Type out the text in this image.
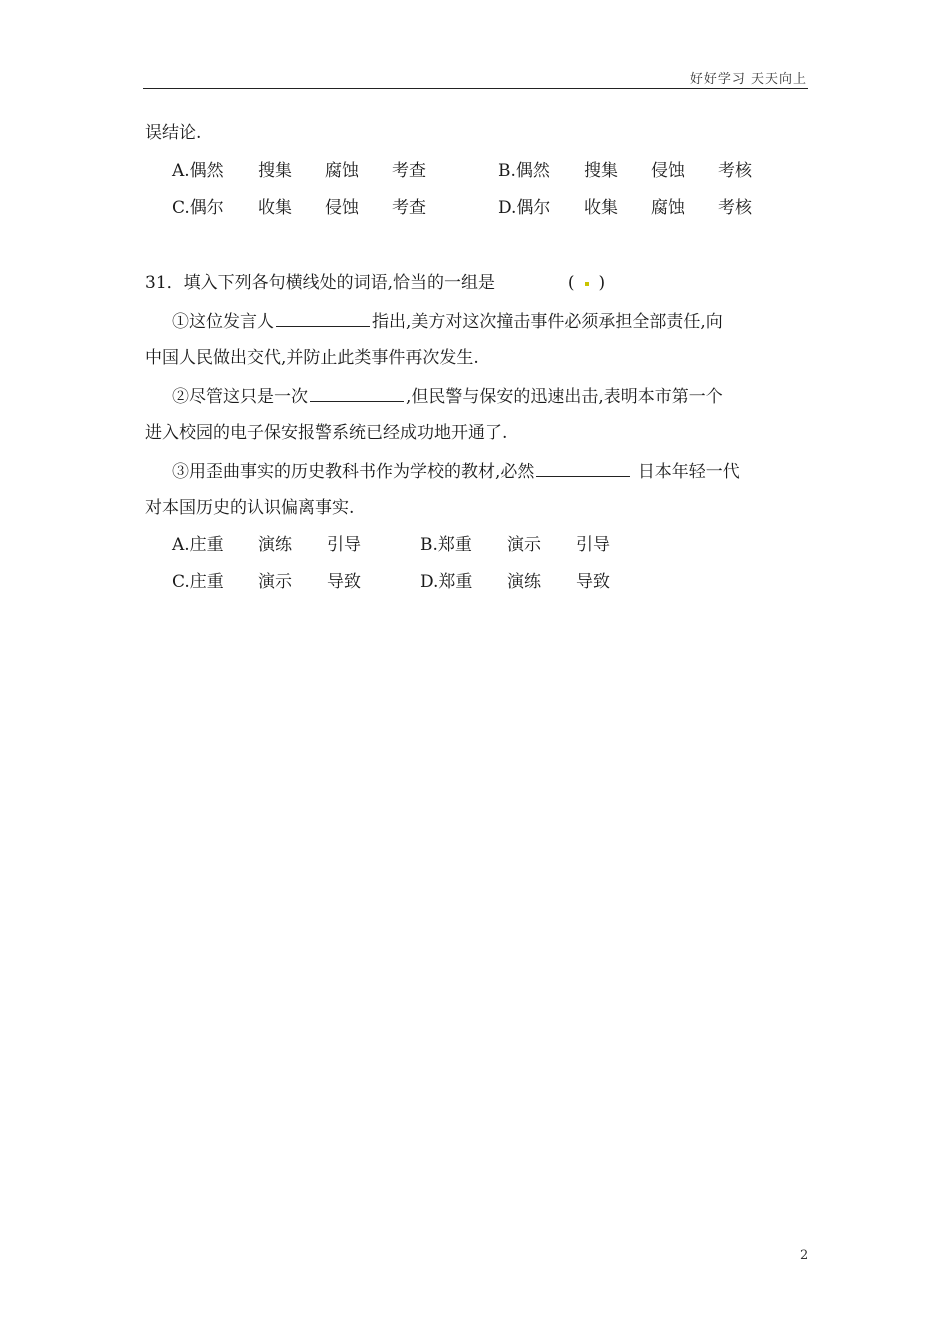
好好学习 天天向上
误结论.
A.偶然 搜集 腐蚀 考查	B.偶然 搜集 侵蚀 考核
C.偶尔 收集 侵蚀 考查	D.偶尔 收集 腐蚀 考核
31．填入下列各句横线处的词语,恰当的一组是	( )
①这位发言人	指出,美方对这次撞击事件必须承担全部责任,向
中国人民做出交代,并防止此类事件再次发生.
②尽管这只是一次	,但民警与保安的迅速出击,表明本市第一个
进入校园的电子保安报警系统已经成功地开通了.
③用歪曲事实的历史教科书作为学校的教材,必然	日本年轻一代
对本国历史的认识偏离事实.
A.庄重 演练 引导	B.郑重 演示 引导
C.庄重 演示 导致	D.郑重 演练 导致
2
